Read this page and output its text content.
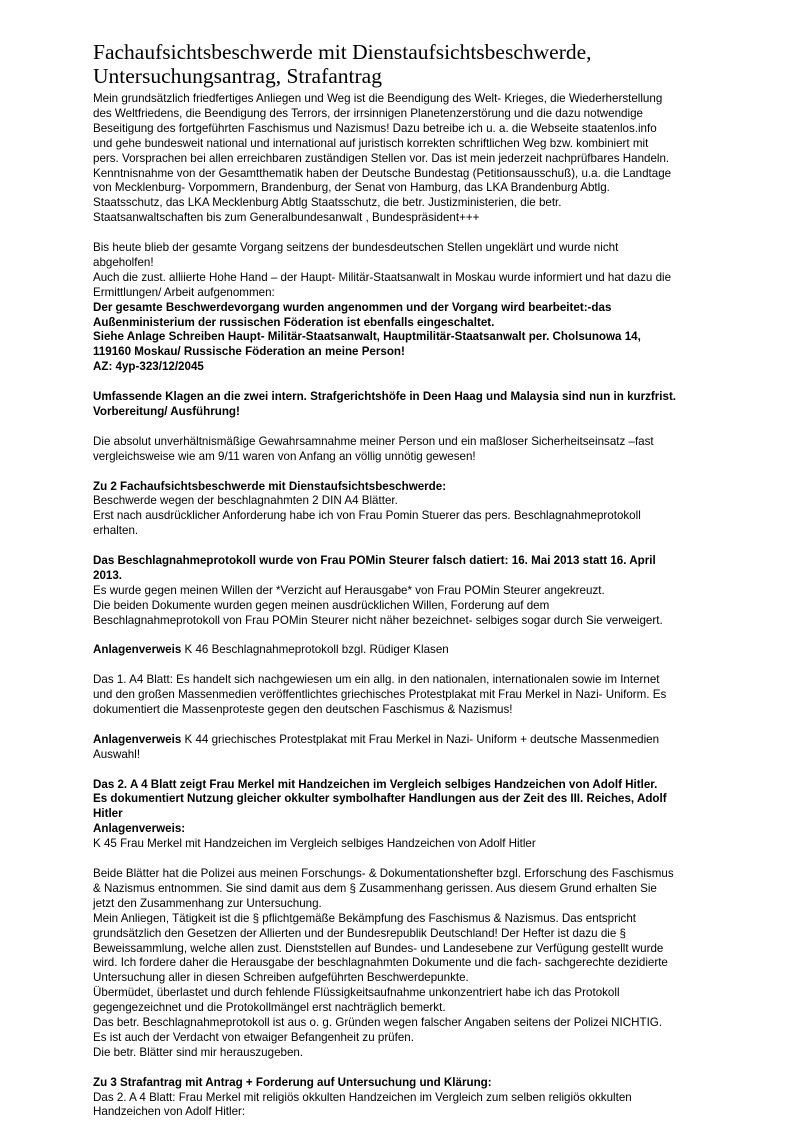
Fachaufsichtsbeschwerde mit Dienstaufsichtsbeschwerde, Untersuchungsantrag, Strafantrag
Mein grundsätzlich friedfertiges Anliegen und Weg ist die Beendigung des Welt- Krieges, die Wiederherstellung
des Weltfriedens, die Beendigung des Terrors, der irrsinnigen Planetenzerstörung und die dazu notwendige
Beseitigung des fortgeführten Faschismus und Nazismus! Dazu betreibe ich u. a. die Webseite staatenlos.info
und gehe bundesweit national und international auf juristisch korrekten schriftlichen Weg bzw. kombiniert mit
pers. Vorsprachen bei allen erreichbaren zuständigen Stellen vor. Das ist mein jederzeit nachprüfbares Handeln.
Kenntnisnahme von der Gesamtthematik haben der Deutsche Bundestag (Petitionsausschuß), u.a. die Landtage
von Mecklenburg- Vorpommern, Brandenburg, der Senat von Hamburg, das LKA Brandenburg Abtlg.
Staatsschutz, das LKA Mecklenburg Abtlg Staatsschutz, die betr. Justizministerien, die betr.
Staatsanwaltschaften bis zum Generalbundesanwalt , Bundespräsident+++
Bis heute blieb der gesamte Vorgang seitzens der bundesdeutschen Stellen ungeklärt und wurde nicht
abgeholfen!
Auch die zust. alliierte Hohe Hand – der Haupt- Militär-Staatsanwalt in Moskau wurde informiert und hat dazu die
Ermittlungen/ Arbeit aufgenommen:
Der gesamte Beschwerdevorgang wurden angenommen und der Vorgang wird bearbeitet:-das
Außenministerium der russischen Föderation ist ebenfalls eingeschaltet.
Siehe Anlage Schreiben Haupt- Militär-Staatsanwalt, Hauptmilitär-Staatsanwalt per. Cholsunowa 14,
119160 Moskau/ Russische Föderation an meine Person!
AZ: 4yp-323/12/2045
Umfassende Klagen an die zwei intern. Strafgerichtshöfe in Deen Haag und Malaysia sind nun in kurzfrist.
Vorbereitung/ Ausführung!
Die absolut unverhältnismäßige Gewahrsamnahme meiner Person und ein maßloser Sicherheitseinsatz –fast
vergleichsweise wie am 9/11 waren von Anfang an völlig unnötig gewesen!
Zu 2 Fachaufsichtsbeschwerde mit Dienstaufsichtsbeschwerde:
Beschwerde wegen der beschlagnahmten 2 DIN A4 Blätter.
Erst nach ausdrücklicher Anforderung habe ich von Frau Pomin Stuerer das pers. Beschlagnahmeprotokoll
erhalten.
Das Beschlagnahmeprotokoll wurde von Frau POMin Steurer falsch datiert: 16. Mai 2013 statt 16. April
2013.
Es wurde gegen meinen Willen der *Verzicht auf Herausgabe* von Frau POMin Steurer angekreuzt.
Die beiden Dokumente wurden gegen meinen ausdrücklichen Willen, Forderung auf dem
Beschlagnahmeprotokoll von Frau POMin Steurer nicht näher bezeichnet- selbiges sogar durch Sie verweigert.
Anlagenverweis K 46 Beschlagnahmeprotokoll bzgl. Rüdiger Klasen
Das 1. A4 Blatt: Es handelt sich nachgewiesen um ein allg. in den nationalen, internationalen sowie im Internet
und den großen Massenmedien veröffentlichtes griechisches Protestplakat mit Frau Merkel in Nazi- Uniform. Es
dokumentiert die Massenproteste gegen den deutschen Faschismus & Nazismus!
Anlagenverweis K 44 griechisches Protestplakat mit Frau Merkel in Nazi- Uniform + deutsche Massenmedien
Auswahl!
Das 2. A 4 Blatt zeigt Frau Merkel mit Handzeichen im Vergleich selbiges Handzeichen von Adolf Hitler.
Es dokumentiert Nutzung gleicher okkulter symbolhafter Handlungen aus der Zeit des III. Reiches, Adolf
Hitler
Anlagenverweis:
K 45 Frau Merkel mit Handzeichen im Vergleich selbiges Handzeichen von Adolf Hitler
Beide Blätter hat die Polizei aus meinen Forschungs- & Dokumentationshefter bzgl. Erforschung des Faschismus
& Nazismus entnommen. Sie sind damit aus dem § Zusammenhang gerissen. Aus diesem Grund erhalten Sie
jetzt den Zusammenhang zur Untersuchung.
Mein Anliegen, Tätigkeit ist die § pflichtgemäße Bekämpfung des Faschismus & Nazismus. Das entspricht
grundsätzlich den Gesetzen der Allierten und der Bundesrepublik Deutschland! Der Hefter ist dazu die §
Beweissammlung, welche allen zust. Dienststellen auf Bundes- und Landesebene zur Verfügung gestellt wurde
wird. Ich fordere daher die Herausgabe der beschlagnahmten Dokumente und die fach- sachgerechte dezidierte
Untersuchung aller in diesen Schreiben aufgeführten Beschwerdepunkte.
Übermüdet, überlastet und durch fehlende Flüssigkeitsaufnahme unkonzentriert habe ich das Protokoll
gegengezeichnet und die Protokollmängel erst nachträglich bemerkt.
Das betr. Beschlagnahmeprotokoll ist aus o. g. Gründen wegen falscher Angaben seitens der Polizei NICHTIG.
Es ist auch der Verdacht von etwaiger Befangenheit zu prüfen.
Die betr. Blätter sind mir herauszugeben.
Zu 3 Strafantrag mit Antrag + Forderung auf Untersuchung und Klärung:
Das 2. A 4 Blatt: Frau Merkel mit religiös okkulten Handzeichen im Vergleich zum selben religiös okkulten
Handzeichen von Adolf Hitler:
